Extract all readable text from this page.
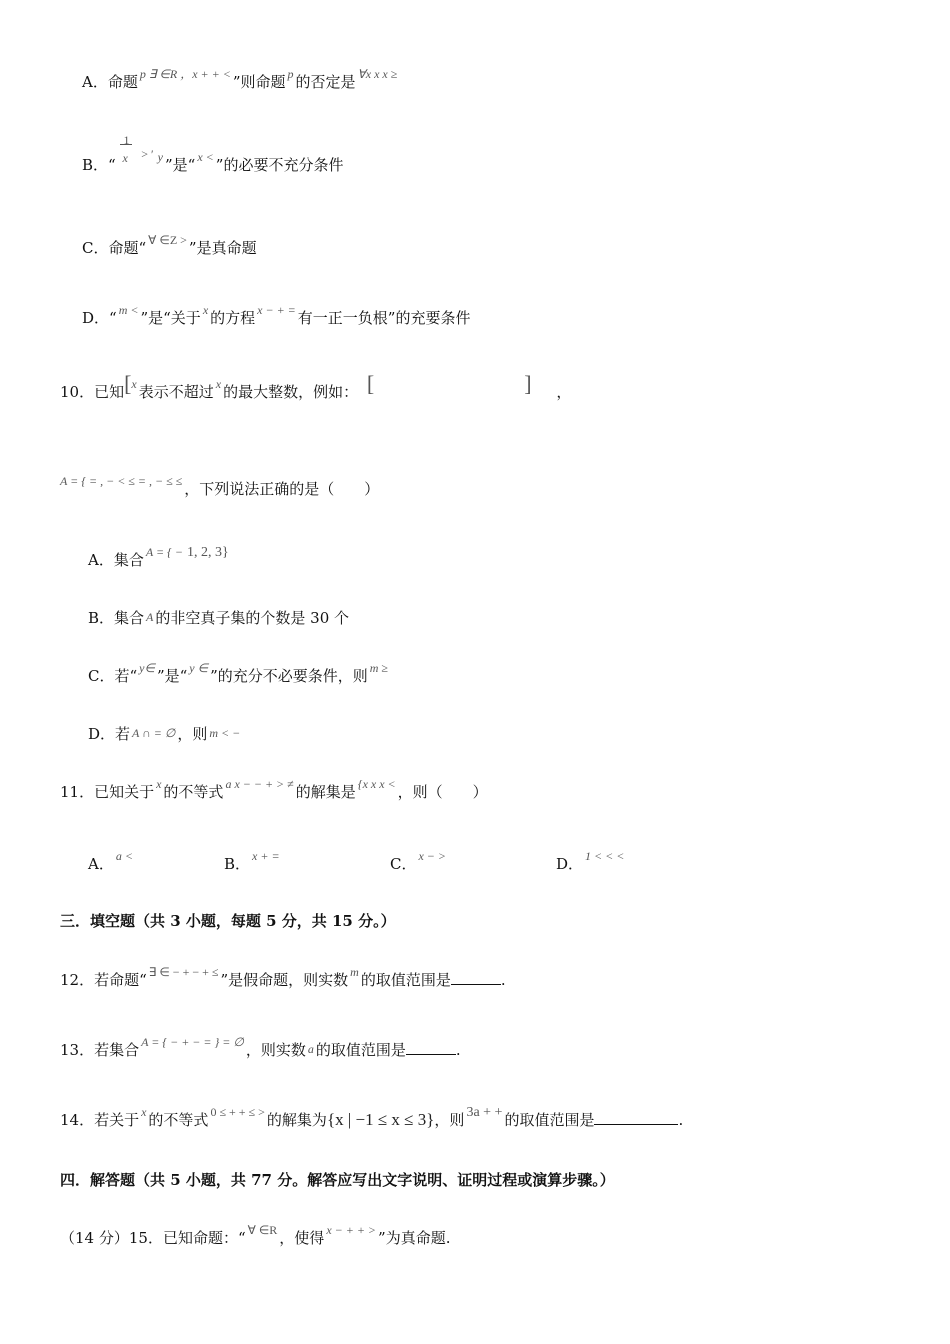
A．命题 $^{p \exists \in R ,x + + <}$ ”则命题 $^p$ 的否定是 $^{\forall x x x \ge}$
B．“ $\frac{1}{x}$
> ′ $^y$ ”是“ $^{x <}$ ”的必要不充分条件
C．命题“ $^{\forall \in Z >}$ ”是真命题
D．“ $^{m <}$ ”是“关于 $^x$ 的方程 $^{x - + =}$ 有一正一负根”的充要条件
10．已知[$^x$ 表示不超过 $^x$ 的最大整数，例如： [	] ，
$^{A = \{ = , - < \le = , - \le \le}$ ，下列说法正确的是（　　）
A．集合 $^{A = \{ -}$ 1, 2, 3}
B．集合 A 的非空真子集的个数是 30 个
C．若“ $^{y\in}$ ”是“ $^{y \in}$ ”的充分不必要条件，则 $^{m \ge}$
D．若 A ∩ = ∅ ，则 m < −
11．已知关于 $^x$ 的不等式 $^{a x - - + > \ne}$ 的解集是 $^{\{x x x <}$ ，则（　　）
A． $^{a <}$	B． $^{x + =}$	C． $^{x - >}$	D． $^{1 < < <}$
三．填空题（共 3 小题，每题 5 分，共 15 分。）
12．若命题“ ∃ ∈ − + − + ≤ ”是假命题，则实数 $^m$ 的取值范围是	.
13．若集合 $^{A = \{ - + - = \} = \emptyset}$ ，则实数 a 的取值范围是	.
14．若关于 $^x$ 的不等式 $^{0 \le + + \le >}$ 的解集为{x | −1 ≤ x ≤ 3}，则 3a + + 的取值范围是	.
四．解答题（共 5 小题，共 77 分。解答应写出文字说明、证明过程或演算步骤。）
（14 分）15．已知命题：“ $^{\forall \in R}$ ，使得 $^{x - + + >}$ ”为真命题.
